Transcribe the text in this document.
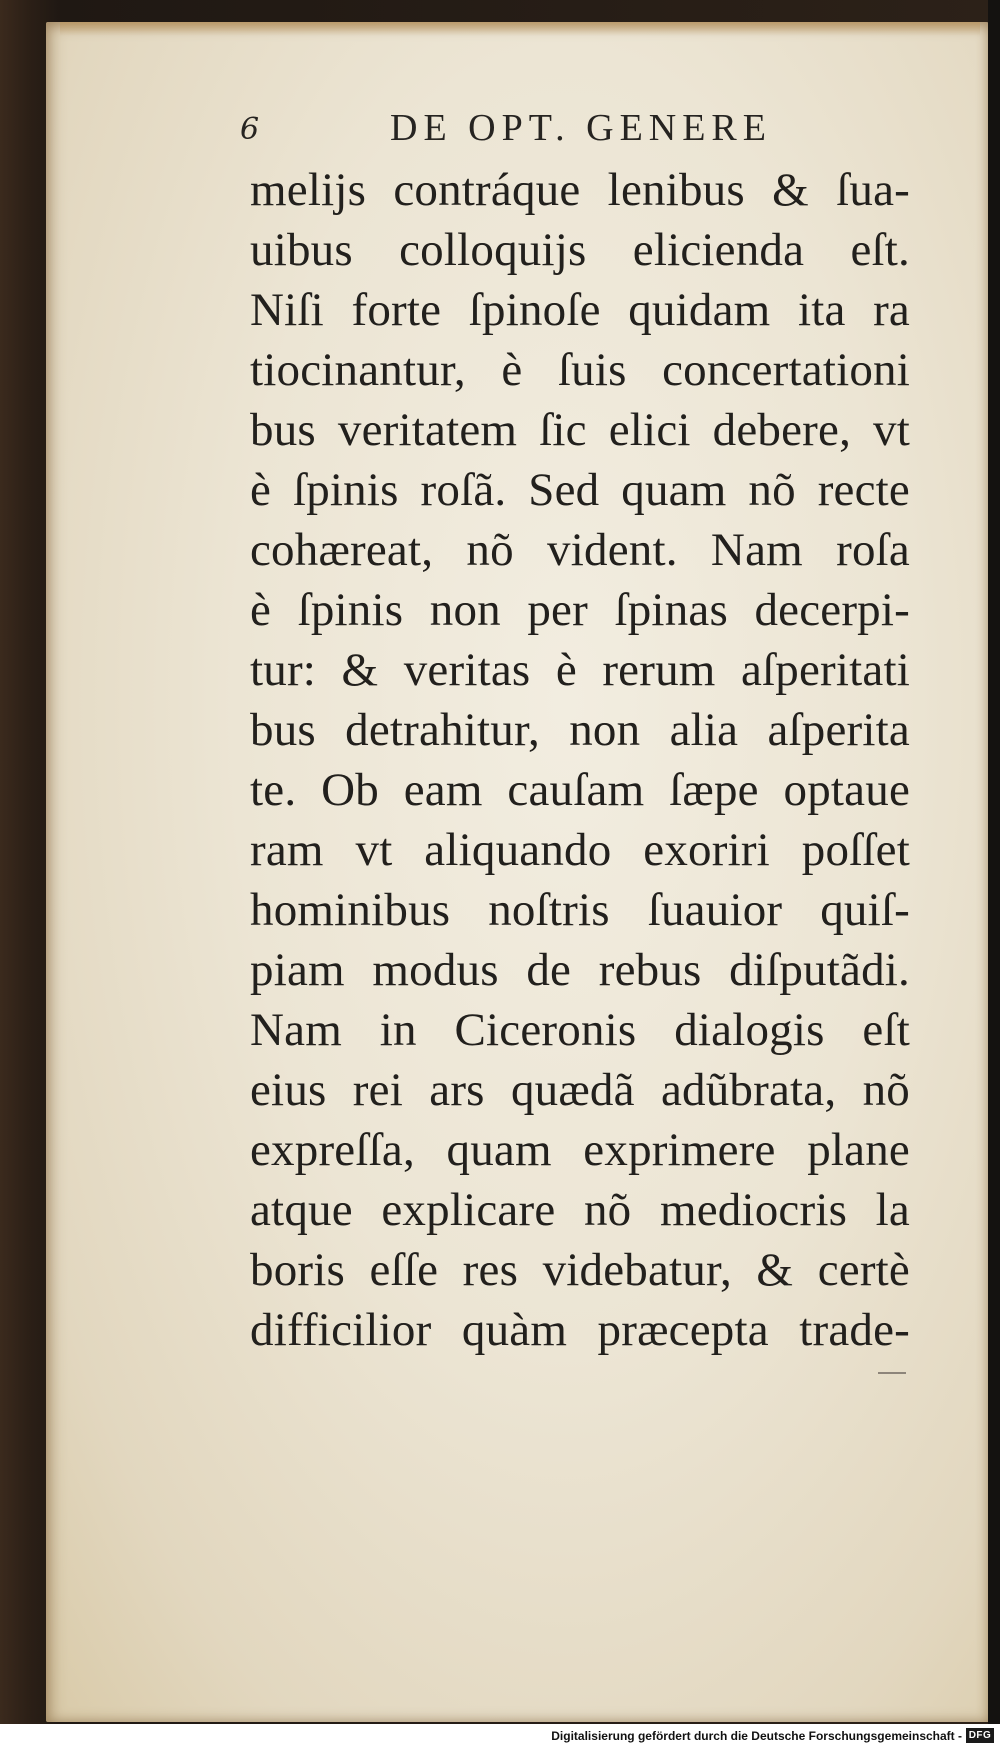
6	DE OPT. GENERE
melijs contráque lenibus & ſua-
uibus colloquijs elicienda eſt.
Niſi forte ſpinoſe quidam ita ra
tiocinantur, è ſuis concertationi
bus veritatem ſic elici debere, vt
è ſpinis roſã. Sed quam nõ recte
cohæreat, nõ vident. Nam roſa
è ſpinis non per ſpinas decerpi-
tur: & veritas è rerum aſperitati
bus detrahitur, non alia aſperita
te. Ob eam cauſam ſæpe optaue
ram vt aliquando exoriri poſſet
hominibus noſtris ſuauior quiſ-
piam modus de rebus diſputãdi.
Nam in Ciceronis dialogis eſt
eius rei ars quædã adũbrata, nõ
expreſſa, quam exprimere plane
atque explicare nõ mediocris la
boris eſſe res videbatur, & certè
difficilior quàm præcepta trade-
Digitalisierung gefördert durch die Deutsche Forschungsgemeinschaft - DFG
